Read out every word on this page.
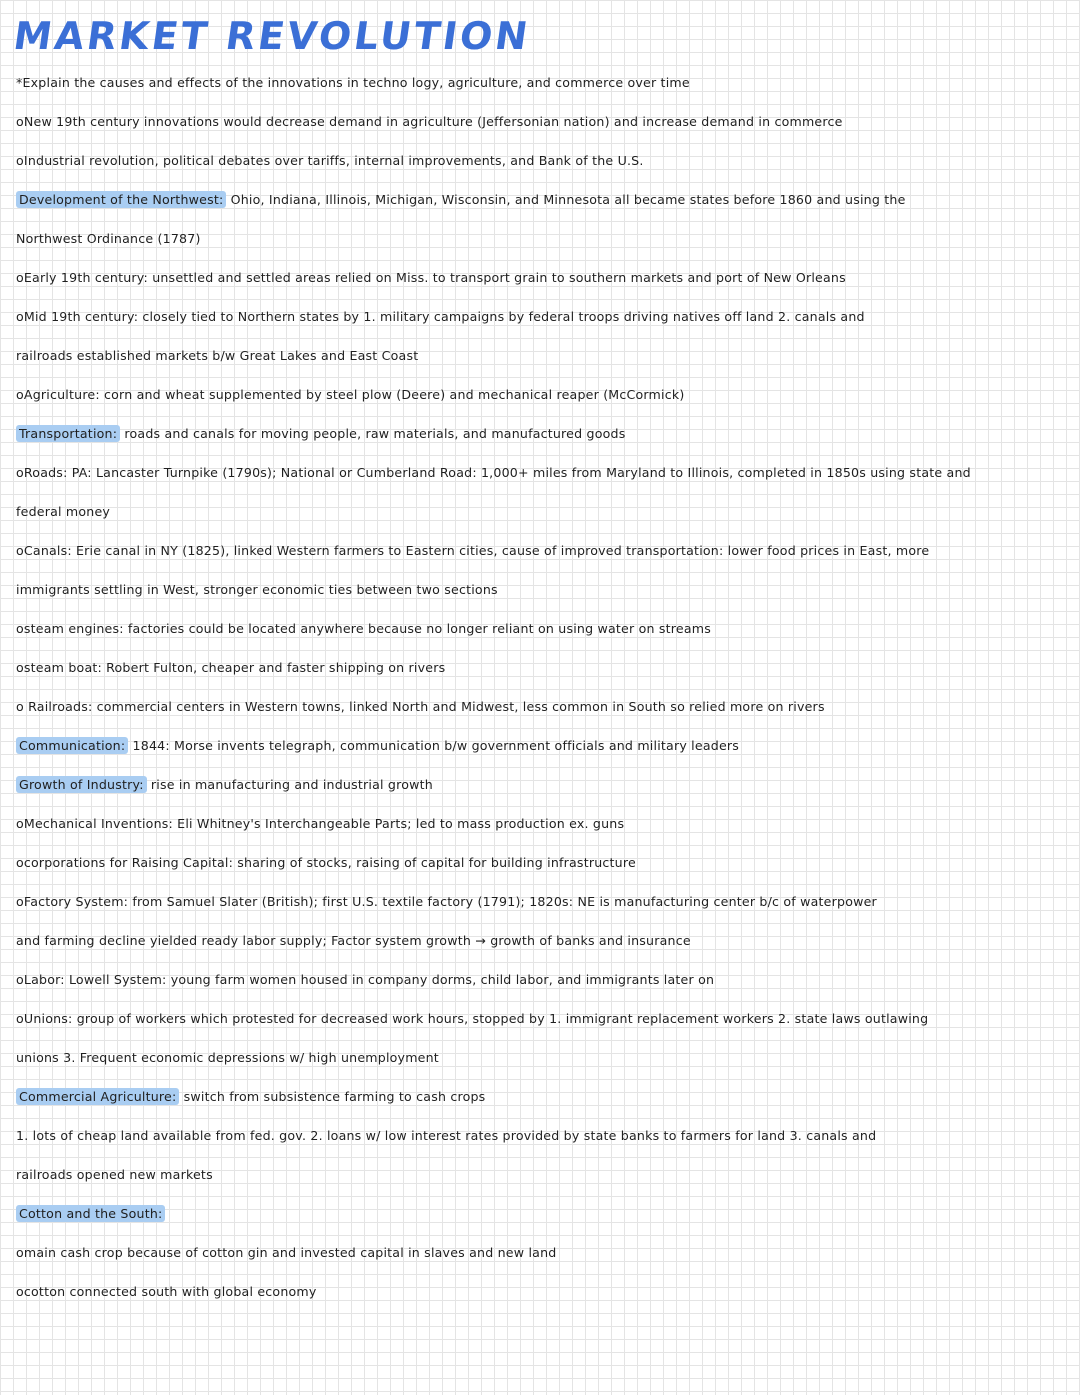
MARKET REVOLUTION
*Explain the causes and effects of the innovations in techno logy, agriculture, and commerce over time
oNew 19th century innovations would decrease demand in agriculture (Jeffersonian nation) and increase demand in commerce
oIndustrial revolution, political debates over tariffs, internal improvements, and Bank of the U.S.
Development of the Northwest: Ohio, Indiana, Illinois, Michigan, Wisconsin, and Minnesota all became states before 1860 and using the
Northwest Ordinance (1787)
oEarly 19th century: unsettled and settled areas relied on Miss. to transport grain to southern markets and port of New Orleans
oMid 19th century: closely tied to Northern states by 1. military campaigns by federal troops driving natives off land 2. canals and
railroads established markets b/w Great Lakes and East Coast
oAgriculture: corn and wheat supplemented by steel plow (Deere) and mechanical reaper (McCormick)
Transportation: roads and canals for moving people, raw materials, and manufactured goods
oRoads: PA: Lancaster Turnpike (1790s); National or Cumberland Road: 1,000+ miles from Maryland to Illinois, completed in 1850s using state and
federal money
oCanals: Erie canal in NY (1825), linked Western farmers to Eastern cities, cause of improved transportation: lower food prices in East, more
immigrants settling in West, stronger economic ties between two sections
osteam engines: factories could be located anywhere because no longer reliant on using water on streams
osteam boat: Robert Fulton, cheaper and faster shipping on rivers
o Railroads: commercial centers in Western towns, linked North and Midwest, less common in South so relied more on rivers
Communication: 1844: Morse invents telegraph, communication b/w government officials and military leaders
Growth of Industry: rise in manufacturing and industrial growth
oMechanical Inventions: Eli Whitney's Interchangeable Parts; led to mass production ex. guns
ocorporations for Raising Capital: sharing of stocks, raising of capital for building infrastructure
oFactory System: from Samuel Slater (British); first U.S. textile factory (1791); 1820s: NE is manufacturing center b/c of waterpower
and farming decline yielded ready labor supply; Factor system growth → growth of banks and insurance
oLabor: Lowell System: young farm women housed in company dorms, child labor, and immigrants later on
oUnions: group of workers which protested for decreased work hours, stopped by 1. immigrant replacement workers 2. state laws outlawing
unions 3. Frequent economic depressions w/ high unemployment
Commercial Agriculture: switch from subsistence farming to cash crops
1. lots of cheap land available from fed. gov. 2. loans w/ low interest rates provided by state banks to farmers for land 3. canals and
railroads opened new markets
Cotton and the South:
omain cash crop because of cotton gin and invested capital in slaves and new land
ocotton connected south with global economy
